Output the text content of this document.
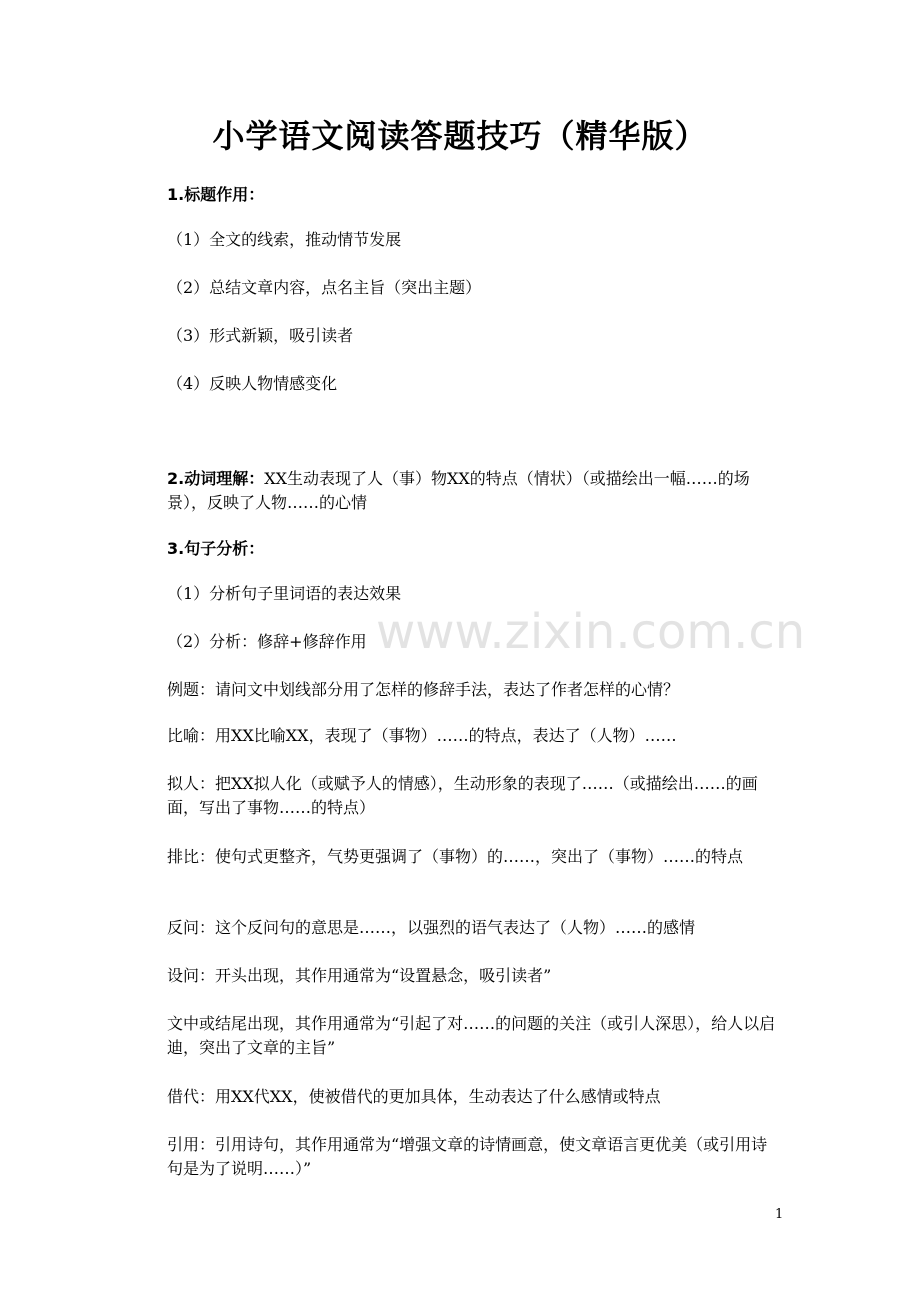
www.zixin.com.cn
小学语文阅读答题技巧（精华版）

1.标题作用：

（1）全文的线索，推动情节发展

（2）总结文章内容，点名主旨（突出主题）

（3）形式新颖，吸引读者

（4）反映人物情感变化

2.动词理解：XX生动表现了人（事）物XX的特点（情状）（或描绘出一幅……的场景），反映了人物……的心情

3.句子分析：

（1）分析句子里词语的表达效果

（2）分析：修辞+修辞作用

例题：请问文中划线部分用了怎样的修辞手法，表达了作者怎样的心情？

比喻：用XX比喻XX，表现了（事物）……的特点，表达了（人物）……

拟人：把XX拟人化（或赋予人的情感），生动形象的表现了……（或描绘出……的画面，写出了事物……的特点）

排比：使句式更整齐，气势更强调了（事物）的……，突出了（事物）……的特点

反问：这个反问句的意思是……，以强烈的语气表达了（人物）……的感情

设问：开头出现，其作用通常为“设置悬念，吸引读者”

文中或结尾出现，其作用通常为“引起了对……的问题的关注（或引人深思），给人以启迪，突出了文章的主旨”

借代：用XX代XX，使被借代的更加具体，生动表达了什么感情或特点

引用：引用诗句，其作用通常为“增强文章的诗情画意，使文章语言更优美（或引用诗句是为了说明……）”

1
